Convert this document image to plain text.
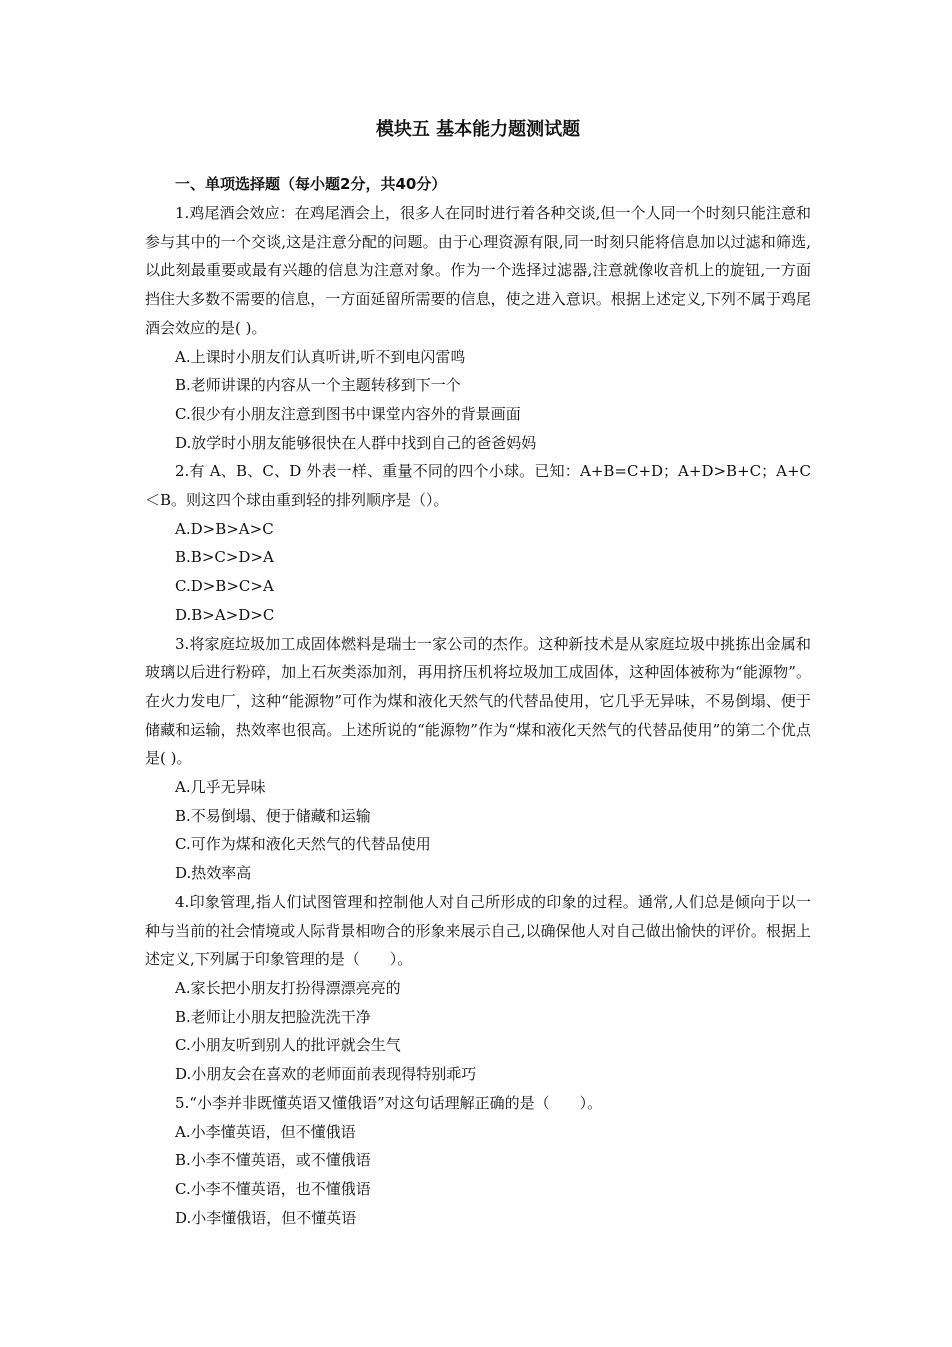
模块五 基本能力题测试题
一、单项选择题（每小题2分，共40分）

1.鸡尾酒会效应：在鸡尾酒会上，很多人在同时进行着各种交谈,但一个人同一个时刻只能注意和参与其中的一个交谈,这是注意分配的问题。由于心理资源有限,同一时刻只能将信息加以过滤和筛选,以此刻最重要或最有兴趣的信息为注意对象。作为一个选择过滤器,注意就像收音机上的旋钮,一方面挡住大多数不需要的信息，一方面延留所需要的信息，使之进入意识。根据上述定义,下列不属于鸡尾酒会效应的是( )。

A.上课时小朋友们认真听讲,听不到电闪雷鸣
B.老师讲课的内容从一个主题转移到下一个
C.很少有小朋友注意到图书中课堂内容外的背景画面
D.放学时小朋友能够很快在人群中找到自己的爸爸妈妈

2.有 A、B、C、D 外表一样、重量不同的四个小球。已知：A+B=C+D；A+D>B+C；A+C＜B。则这四个球由重到轻的排列顺序是（）。

A.D>B>A>C
B.B>C>D>A
C.D>B>C>A
D.B>A>D>C

3.将家庭垃圾加工成固体燃料是瑞士一家公司的杰作。这种新技术是从家庭垃圾中挑拣出金属和玻璃以后进行粉碎，加上石灰类添加剂，再用挤压机将垃圾加工成固体，这种固体被称为“能源物”。在火力发电厂，这种“能源物”可作为煤和液化天然气的代替品使用，它几乎无异味，不易倒塌、便于储藏和运输，热效率也很高。上述所说的“能源物”作为“煤和液化天然气的代替品使用”的第二个优点是( )。

A.几乎无异味
B.不易倒塌、便于储藏和运输
C.可作为煤和液化天然气的代替品使用
D.热效率高

4.印象管理,指人们试图管理和控制他人对自己所形成的印象的过程。通常,人们总是倾向于以一种与当前的社会情境或人际背景相吻合的形象来展示自己,以确保他人对自己做出愉快的评价。根据上述定义,下列属于印象管理的是（　　）。

A.家长把小朋友打扮得漂漂亮亮的
B.老师让小朋友把脸洗洗干净
C.小朋友听到别人的批评就会生气
D.小朋友会在喜欢的老师面前表现得特别乖巧

5.“小李并非既懂英语又懂俄语”对这句话理解正确的是（　　）。

A.小李懂英语，但不懂俄语
B.小李不懂英语，或不懂俄语
C.小李不懂英语，也不懂俄语
D.小李懂俄语，但不懂英语
